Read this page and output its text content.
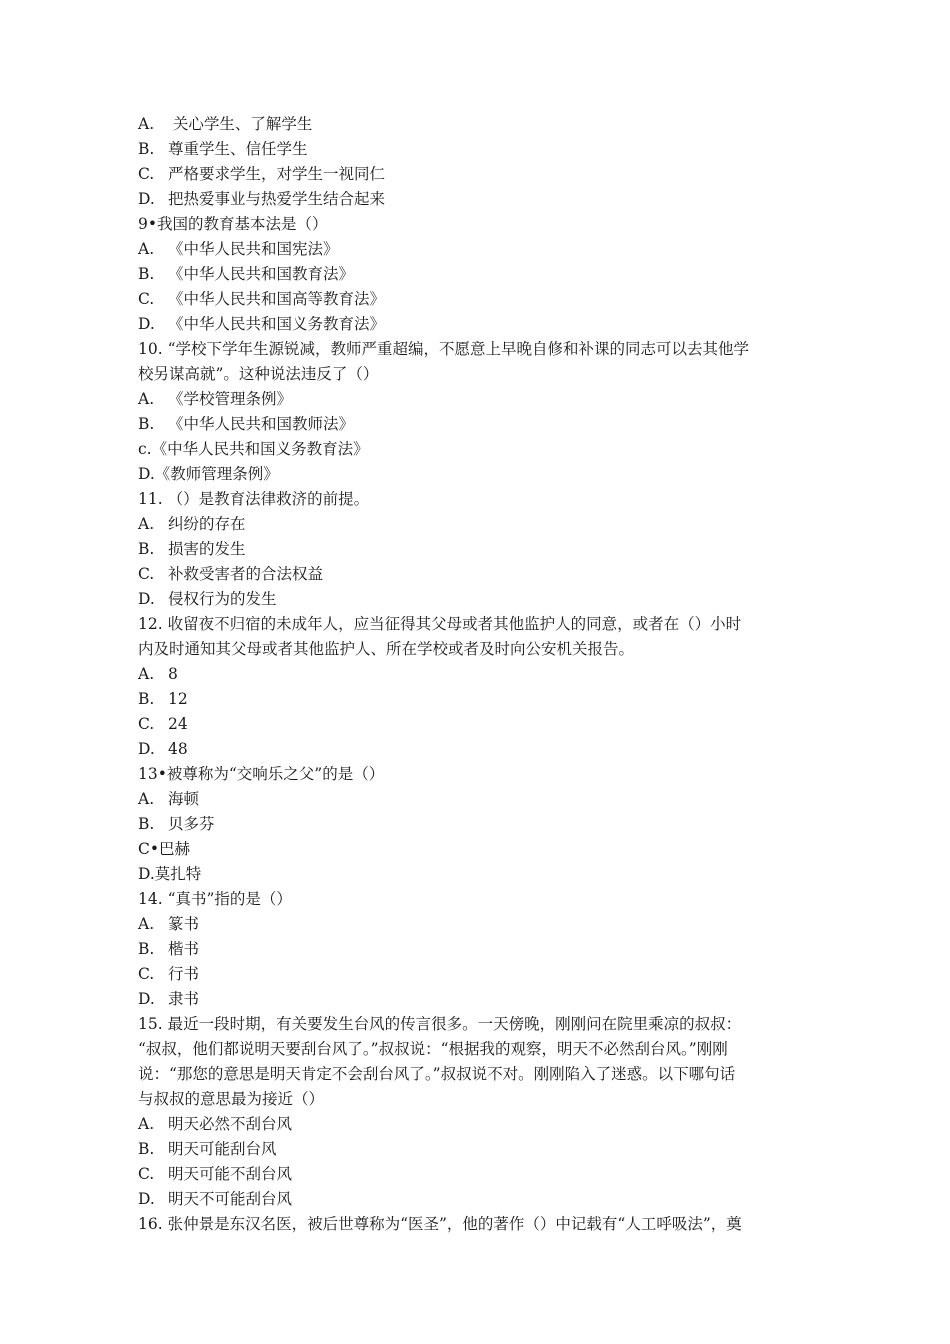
A. 关心学生、了解学生
B. 尊重学生、信任学生
C. 严格要求学生，对学生一视同仁
D. 把热爱事业与热爱学生结合起来
9•我国的教育基本法是（）
A. 《中华人民共和国宪法》
B. 《中华人民共和国教育法》
C. 《中华人民共和国高等教育法》
D. 《中华人民共和国义务教育法》
10. “学校下学年生源锐减，教师严重超编，不愿意上早晚自修和补课的同志可以去其他学
校另谋高就”。这种说法违反了（）
A. 《学校管理条例》
B. 《中华人民共和国教师法》
c.《中华人民共和国义务教育法》
D.《教师管理条例》
11. （）是教育法律救济的前提。
A. 纠纷的存在
B. 损害的发生
C. 补救受害者的合法权益
D. 侵权行为的发生
12. 收留夜不归宿的未成年人，应当征得其父母或者其他监护人的同意，或者在（）小时
内及时通知其父母或者其他监护人、所在学校或者及时向公安机关报告。
A. 8
B. 12
C. 24
D. 48
13•被尊称为“交响乐之父”的是（）
A. 海顿
B. 贝多芬
C•巴赫
D.莫扎特
14. “真书”指的是（）
A. 篆书
B. 楷书
C. 行书
D. 隶书
15. 最近一段时期，有关要发生台风的传言很多。一天傍晚，刚刚问在院里乘凉的叔叔：
“叔叔，他们都说明天要刮台风了。”叔叔说：“根据我的观察，明天不必然刮台风。”刚刚
说：“那您的意思是明天肯定不会刮台风了。”叔叔说不对。刚刚陷入了迷惑。以下哪句话
与叔叔的意思最为接近（）
A. 明天必然不刮台风
B. 明天可能刮台风
C. 明天可能不刮台风
D. 明天不可能刮台风
16. 张仲景是东汉名医，被后世尊称为“医圣”，他的著作（）中记载有“人工呼吸法”，奠
